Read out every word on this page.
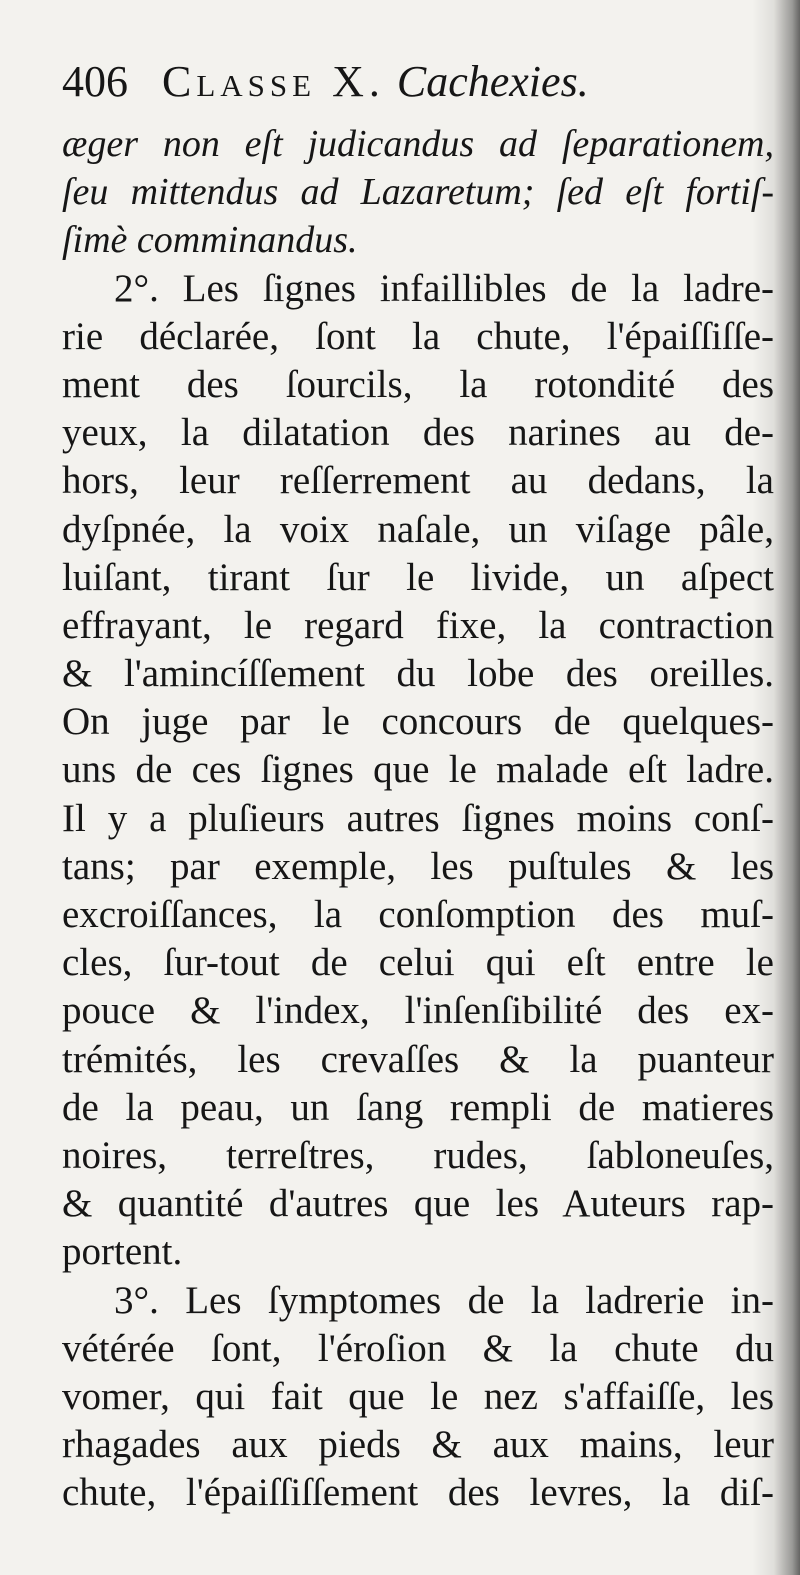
406 Classe X. Cachexies.
æger non eſt judicandus ad ſeparationem,
ſeu mittendus ad Lazaretum; ſed eſt fortiſ-
ſimè comminandus.
2°. Les ſignes infaillibles de la ladre-
rie déclarée, ſont la chute, l'épaiſſiſſe-
ment des ſourcils, la rotondité des
yeux, la dilatation des narines au de-
hors, leur reſſerrement au dedans, la
dyſpnée, la voix naſale, un viſage pâle,
luiſant, tirant ſur le livide, un aſpect
effrayant, le regard fixe, la contraction
& l'amincíſſement du lobe des oreilles.
On juge par le concours de quelques-
uns de ces ſignes que le malade eſt ladre.
Il y a pluſieurs autres ſignes moins conſ-
tans; par exemple, les puſtules & les
excroiſſances, la conſomption des muſ-
cles, ſur-tout de celui qui eſt entre le
pouce & l'index, l'inſenſibilité des ex-
trémités, les crevaſſes & la puanteur
de la peau, un ſang rempli de matieres
noires, terreſtres, rudes, ſabloneuſes,
& quantité d'autres que les Auteurs rap-
portent.
3°. Les ſymptomes de la ladrerie in-
vétérée ſont, l'éroſion & la chute du
vomer, qui fait que le nez s'affaiſſe, les
rhagades aux pieds & aux mains, leur
chute, l'épaiſſiſſement des levres, la diſ-
